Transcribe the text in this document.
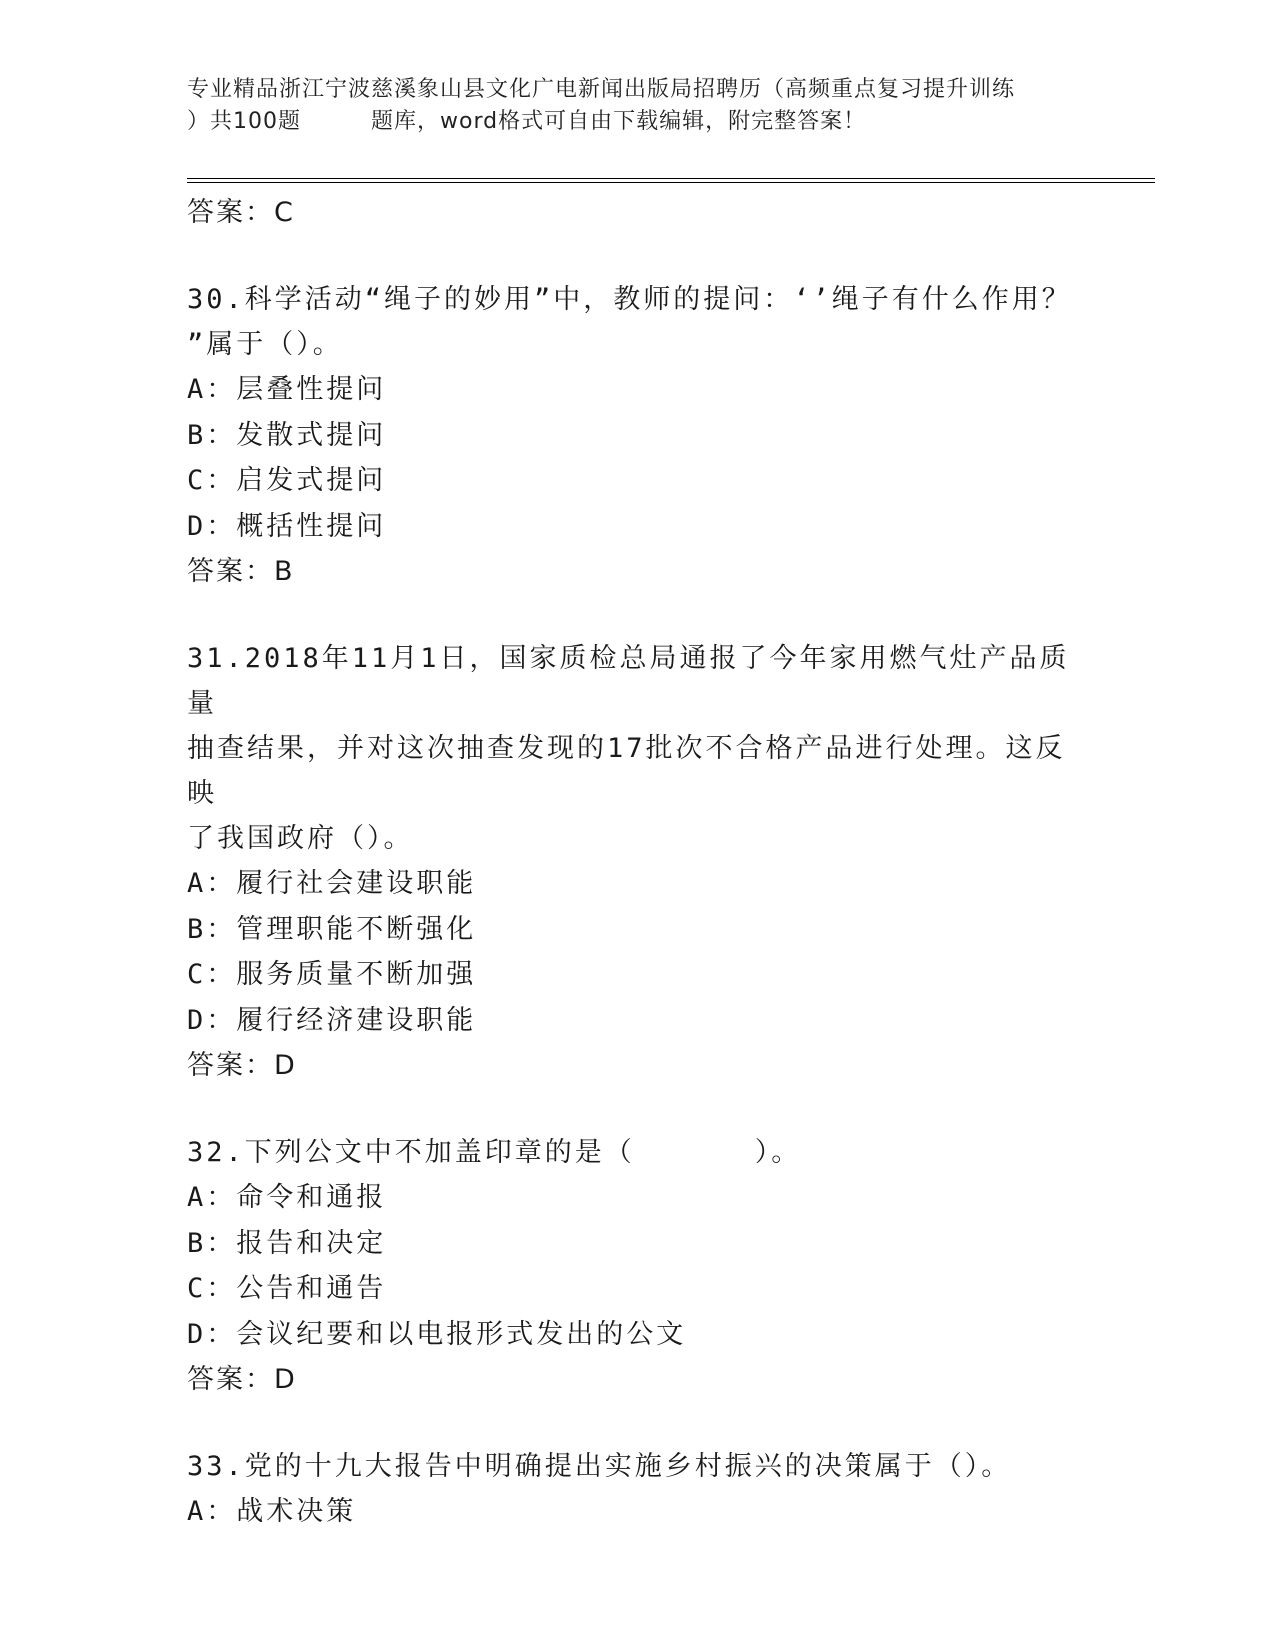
专业精品浙江宁波慈溪象山县文化广电新闻出版局招聘历（高频重点复习提升训练
）共100题	题库，word格式可自由下载编辑，附完整答案！
答案：C
30.科学活动“绳子的妙用”中，教师的提问：‘’绳子有什么作用？
”属于（）。
A：层叠性提问
B：发散式提问
C：启发式提问
D：概括性提问
答案：B
31.2018年11月1日，国家质检总局通报了今年家用燃气灶产品质量
抽查结果，并对这次抽查发现的17批次不合格产品进行处理。这反映
了我国政府（）。
A：履行社会建设职能
B：管理职能不断强化
C：服务质量不断加强
D：履行经济建设职能
答案：D
32.下列公文中不加盖印章的是（	）。
A：命令和通报
B：报告和决定
C：公告和通告
D：会议纪要和以电报形式发出的公文
答案：D
33.党的十九大报告中明确提出实施乡村振兴的决策属于（）。
A：战术决策
